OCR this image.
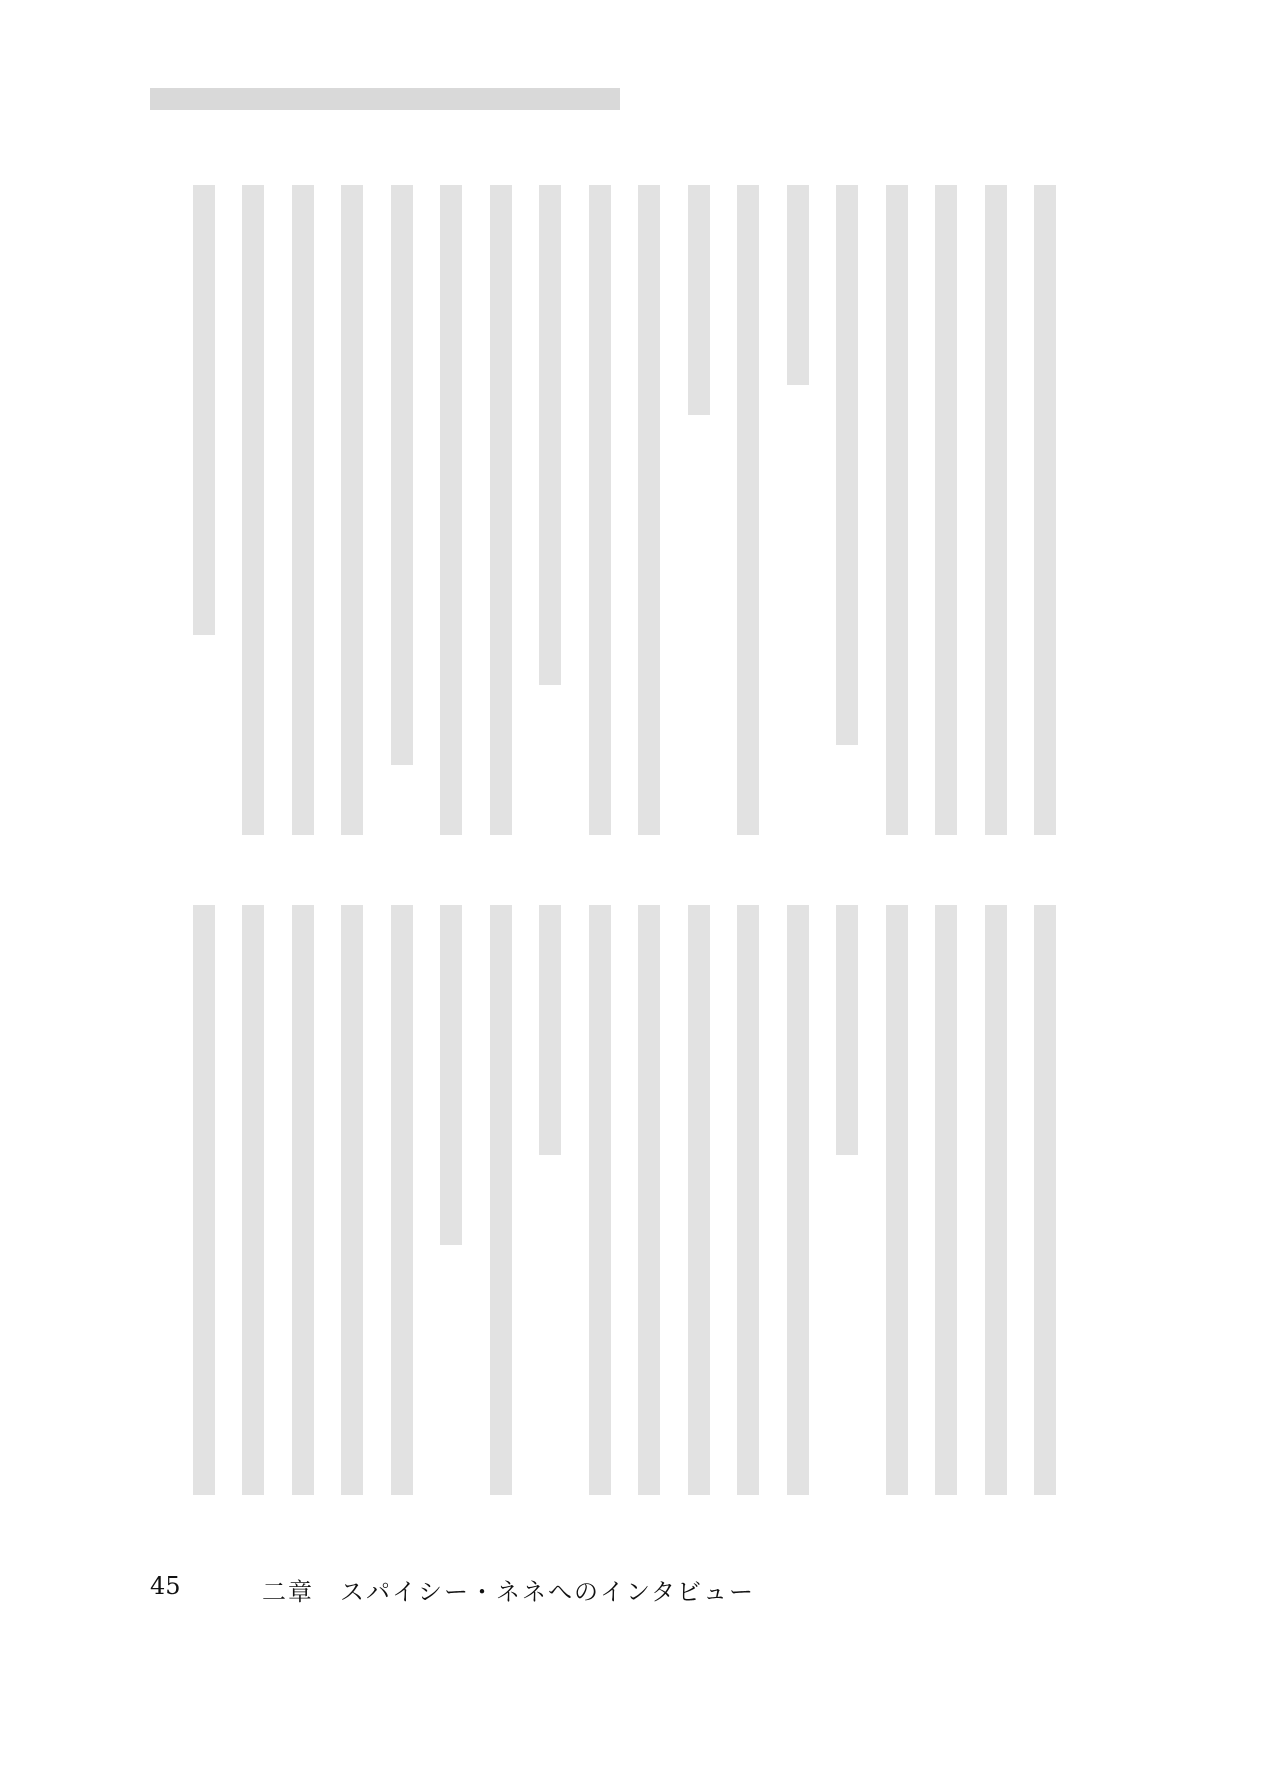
45	二章　スパイシー・ネネへのインタビュー
